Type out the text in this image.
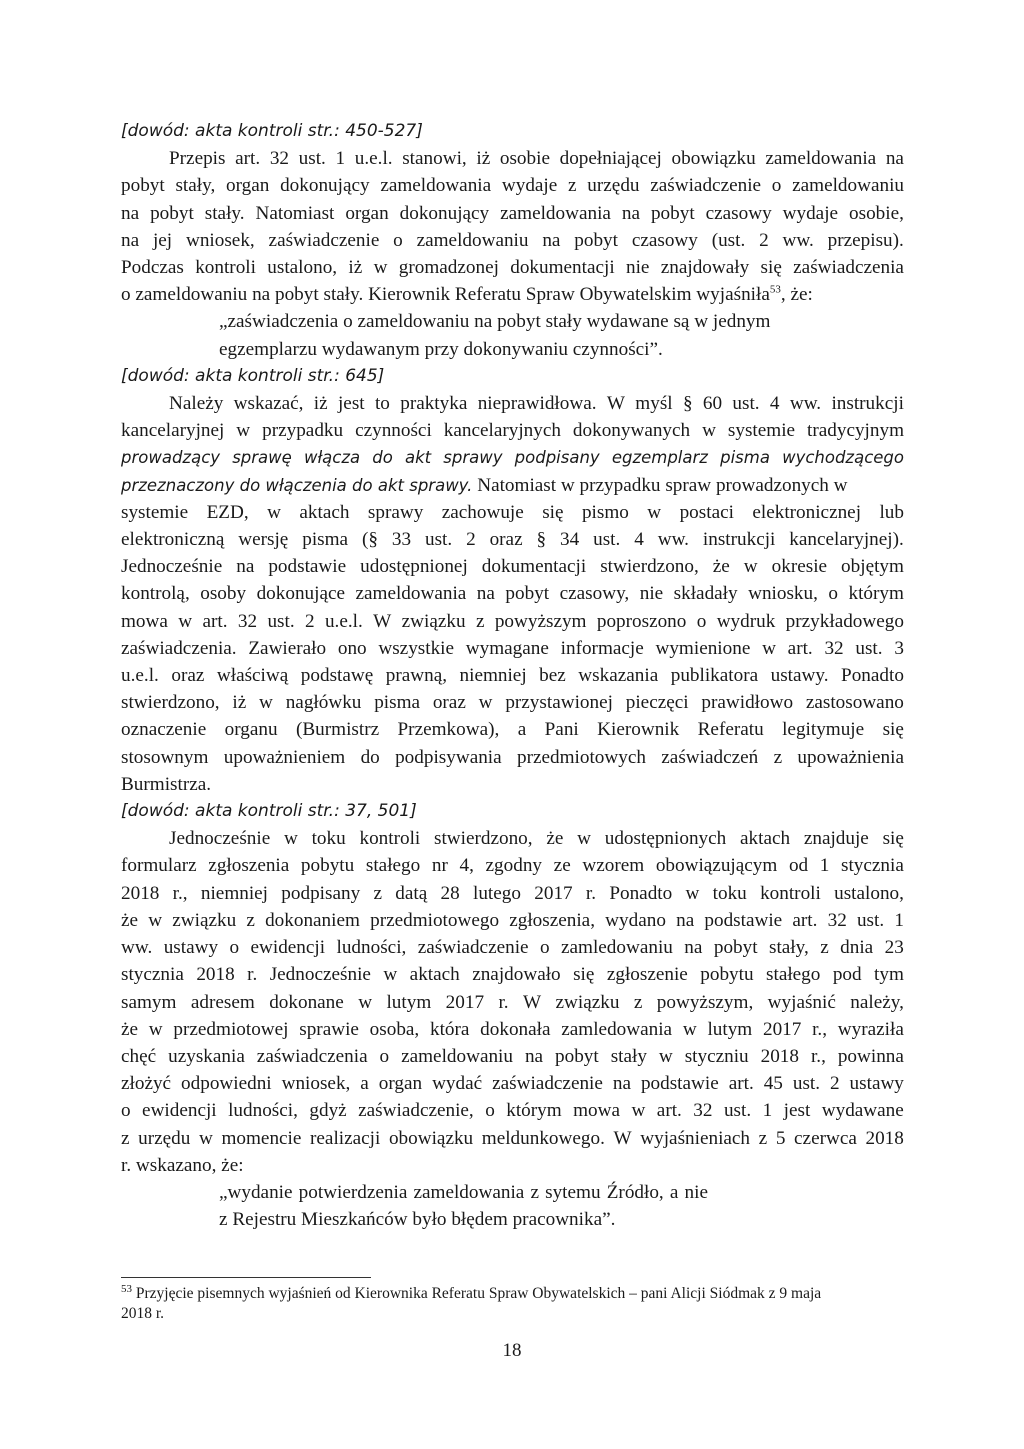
[dowód: akta kontroli str.: 450-527]
Przepis art. 32 ust. 1 u.e.l. stanowi, iż osobie dopełniającej obowiązku zameldowania na
pobyt stały, organ dokonujący zameldowania wydaje z urzędu zaświadczenie o zameldowaniu
na pobyt stały. Natomiast organ dokonujący zameldowania na pobyt czasowy wydaje osobie,
na jej wniosek, zaświadczenie o zameldowaniu na pobyt czasowy (ust. 2 ww. przepisu).
Podczas kontroli ustalono, iż w gromadzonej dokumentacji nie znajdowały się zaświadczenia
o zameldowaniu na pobyt stały. Kierownik Referatu Spraw Obywatelskim wyjaśniła$^{53}$, że:
„zaświadczenia o zameldowaniu na pobyt stały wydawane są w jednym
egzemplarzu wydawanym przy dokonywaniu czynności”.
[dowód: akta kontroli str.: 645]
Należy wskazać, iż jest to praktyka nieprawidłowa. W myśl § 60 ust. 4 ww. instrukcji
kancelaryjnej w przypadku czynności kancelaryjnych dokonywanych w systemie tradycyjnym
prowadzący sprawę włącza do akt sprawy podpisany egzemplarz pisma wychodzącego
przeznaczony do włączenia do akt sprawy. Natomiast w przypadku spraw prowadzonych w
systemie EZD, w aktach sprawy zachowuje się pismo w postaci elektronicznej lub
elektroniczną wersję pisma (§ 33 ust. 2 oraz § 34 ust. 4 ww. instrukcji kancelaryjnej).
Jednocześnie na podstawie udostępnionej dokumentacji stwierdzono, że w okresie objętym
kontrolą, osoby dokonujące zameldowania na pobyt czasowy, nie składały wniosku, o którym
mowa w art. 32 ust. 2 u.e.l. W związku z powyższym poproszono o wydruk przykładowego
zaświadczenia. Zawierało ono wszystkie wymagane informacje wymienione w art. 32 ust. 3
u.e.l. oraz właściwą podstawę prawną, niemniej bez wskazania publikatora ustawy. Ponadto
stwierdzono, iż w nagłówku pisma oraz w przystawionej pieczęci prawidłowo zastosowano
oznaczenie organu (Burmistrz Przemkowa), a Pani Kierownik Referatu legitymuje się
stosownym upoważnieniem do podpisywania przedmiotowych zaświadczeń z upoważnienia
Burmistrza.
[dowód: akta kontroli str.: 37, 501]
Jednocześnie w toku kontroli stwierdzono, że w udostępnionych aktach znajduje się
formularz zgłoszenia pobytu stałego nr 4, zgodny ze wzorem obowiązującym od 1 stycznia
2018 r., niemniej podpisany z datą 28 lutego 2017 r. Ponadto w toku kontroli ustalono,
że w związku z dokonaniem przedmiotowego zgłoszenia, wydano na podstawie art. 32 ust. 1
ww. ustawy o ewidencji ludności, zaświadczenie o zamledowaniu na pobyt stały, z dnia 23
stycznia 2018 r. Jednocześnie w aktach znajdowało się zgłoszenie pobytu stałego pod tym
samym adresem dokonane w lutym 2017 r. W związku z powyższym, wyjaśnić należy,
że w przedmiotowej sprawie osoba, która dokonała zamledowania w lutym 2017 r., wyraziła
chęć uzyskania zaświadczenia o zameldowaniu na pobyt stały w styczniu 2018 r., powinna
złożyć odpowiedni wniosek, a organ wydać zaświadczenie na podstawie art. 45 ust. 2 ustawy
o ewidencji ludności, gdyż zaświadczenie, o którym mowa w art. 32 ust. 1 jest wydawane
z urzędu w momencie realizacji obowiązku meldunkowego. W wyjaśnieniach z 5 czerwca 2018
r. wskazano, że:
„wydanie potwierdzenia zameldowania z sytemu Źródło, a nie
z Rejestru Mieszkańców było błędem pracownika”.
$^{53}$ Przyjęcie pisemnych wyjaśnień od Kierownika Referatu Spraw Obywatelskich – pani Alicji Siódmak z 9 maja
2018 r.
18
